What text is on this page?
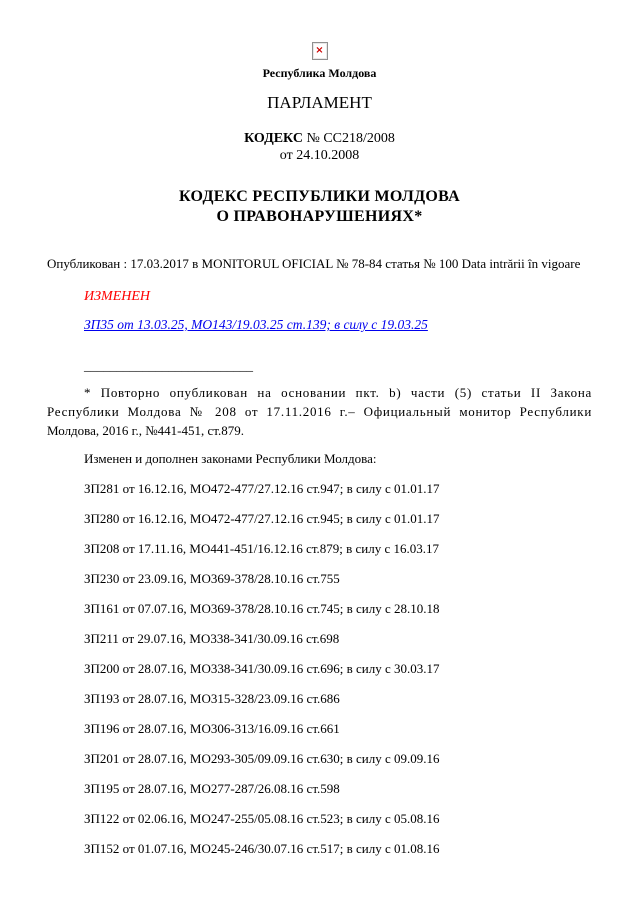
×
Республика Молдова
ПАРЛАМЕНТ
КОДЕКС № CC218/2008
от 24.10.2008
КОДЕКС РЕСПУБЛИКИ МОЛДОВА
О ПРАВОНАРУШЕНИЯХ*
Опубликован : 17.03.2017 в MONITORUL OFICIAL № 78-84 статья № 100 Data intrării în vigoare
ИЗМЕНЕН
ЗП35 от 13.03.25, МО143/19.03.25 ст.139; в силу с 19.03.25
__________________________
* Повторно опубликован на основании пкт. b) части (5) статьи II Закона
Республики Молдова № 208 от 17.11.2016 г.– Официальный монитор Республики
Молдова, 2016 г., №441-451, ст.879.
Изменен и дополнен законами Республики Молдова:
ЗП281 от 16.12.16, МО472-477/27.12.16 ст.947; в силу с 01.01.17
ЗП280 от 16.12.16, МО472-477/27.12.16 ст.945; в силу с 01.01.17
ЗП208 от 17.11.16, МО441-451/16.12.16 ст.879; в силу с 16.03.17
ЗП230 от 23.09.16, МО369-378/28.10.16 ст.755
ЗП161 от 07.07.16, МО369-378/28.10.16 ст.745; в силу с 28.10.18
ЗП211 от 29.07.16, МО338-341/30.09.16 ст.698
ЗП200 от 28.07.16, МО338-341/30.09.16 ст.696; в силу с 30.03.17
ЗП193 от 28.07.16, МО315-328/23.09.16 ст.686
ЗП196 от 28.07.16, МО306-313/16.09.16 ст.661
ЗП201 от 28.07.16, МО293-305/09.09.16 ст.630; в силу с 09.09.16
ЗП195 от 28.07.16, МО277-287/26.08.16 ст.598
ЗП122 от 02.06.16, МО247-255/05.08.16 ст.523; в силу с 05.08.16
ЗП152 от 01.07.16, МО245-246/30.07.16 ст.517; в силу с 01.08.16
